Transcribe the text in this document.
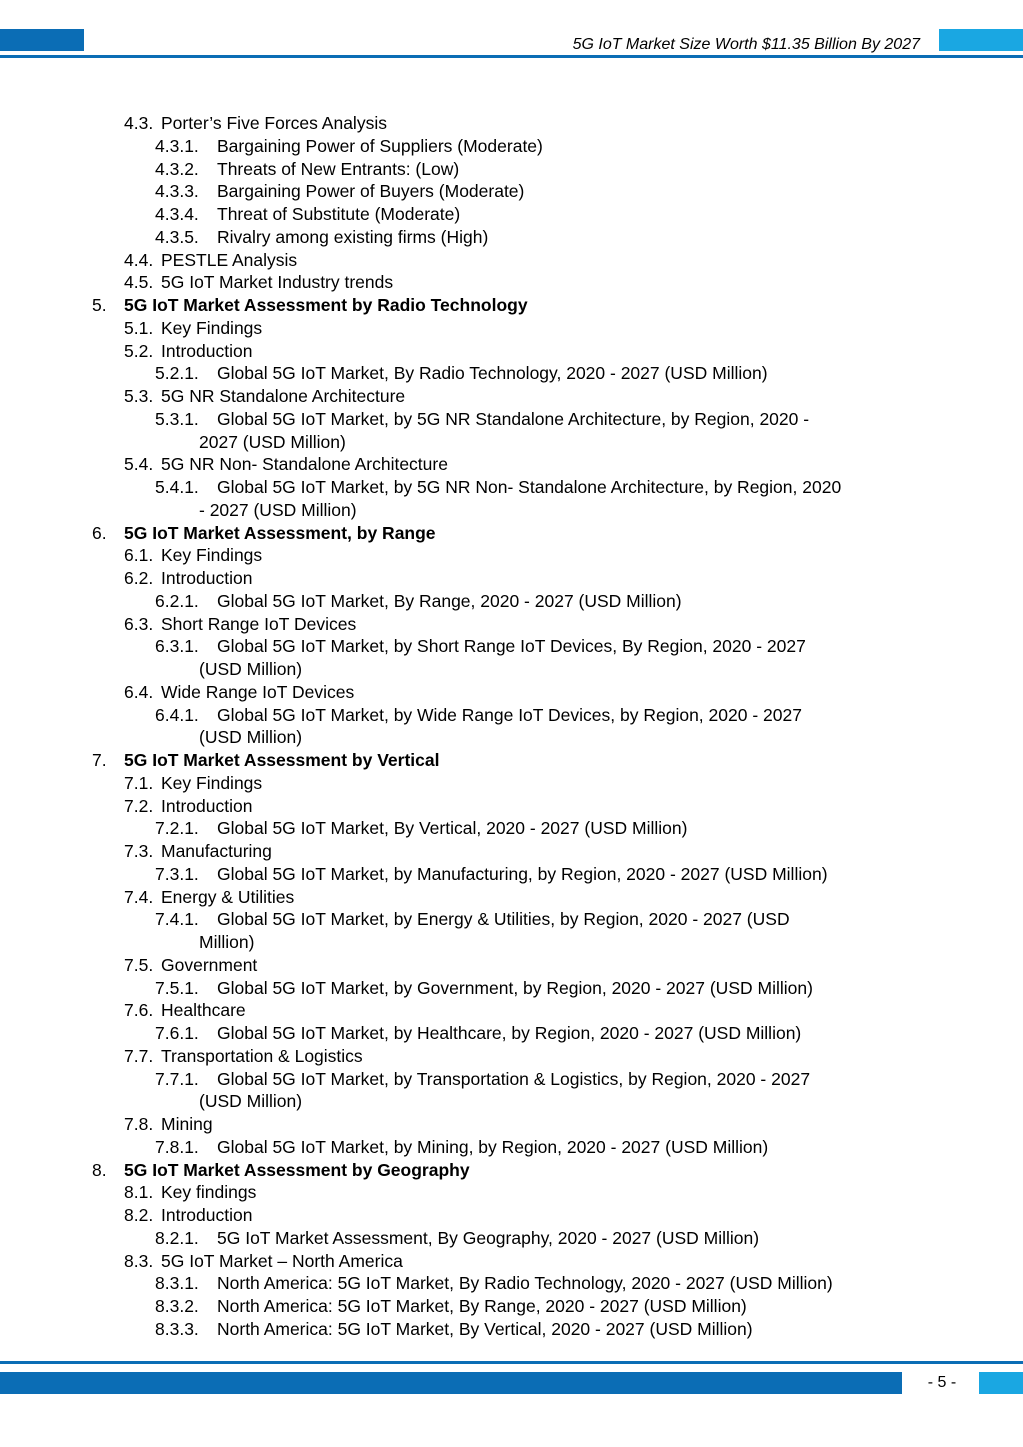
5G IoT Market Size Worth $11.35 Billion By 2027
4.3. Porter’s Five Forces Analysis
4.3.1. Bargaining Power of Suppliers (Moderate)
4.3.2. Threats of New Entrants: (Low)
4.3.3. Bargaining Power of Buyers (Moderate)
4.3.4. Threat of Substitute (Moderate)
4.3.5. Rivalry among existing firms (High)
4.4. PESTLE Analysis
4.5. 5G IoT Market Industry trends
5. 5G IoT Market Assessment by Radio Technology
5.1. Key Findings
5.2. Introduction
5.2.1. Global 5G IoT Market, By Radio Technology, 2020 - 2027 (USD Million)
5.3. 5G NR Standalone Architecture
5.3.1. Global 5G IoT Market, by 5G NR Standalone Architecture, by Region, 2020 -
2027 (USD Million)
5.4. 5G NR Non- Standalone Architecture
5.4.1. Global 5G IoT Market, by 5G NR Non- Standalone Architecture, by Region, 2020
- 2027 (USD Million)
6. 5G IoT Market Assessment, by Range
6.1. Key Findings
6.2. Introduction
6.2.1. Global 5G IoT Market, By Range, 2020 - 2027 (USD Million)
6.3. Short Range IoT Devices
6.3.1. Global 5G IoT Market, by Short Range IoT Devices, By Region, 2020 - 2027
(USD Million)
6.4. Wide Range IoT Devices
6.4.1. Global 5G IoT Market, by Wide Range IoT Devices, by Region, 2020 - 2027
(USD Million)
7. 5G IoT Market Assessment by Vertical
7.1. Key Findings
7.2. Introduction
7.2.1. Global 5G IoT Market, By Vertical, 2020 - 2027 (USD Million)
7.3. Manufacturing
7.3.1. Global 5G IoT Market, by Manufacturing, by Region, 2020 - 2027 (USD Million)
7.4. Energy & Utilities
7.4.1. Global 5G IoT Market, by Energy & Utilities, by Region, 2020 - 2027 (USD
Million)
7.5. Government
7.5.1. Global 5G IoT Market, by Government, by Region, 2020 - 2027 (USD Million)
7.6. Healthcare
7.6.1. Global 5G IoT Market, by Healthcare, by Region, 2020 - 2027 (USD Million)
7.7. Transportation & Logistics
7.7.1. Global 5G IoT Market, by Transportation & Logistics, by Region, 2020 - 2027
(USD Million)
7.8. Mining
7.8.1. Global 5G IoT Market, by Mining, by Region, 2020 - 2027 (USD Million)
8. 5G IoT Market Assessment by Geography
8.1. Key findings
8.2. Introduction
8.2.1. 5G IoT Market Assessment, By Geography, 2020 - 2027 (USD Million)
8.3. 5G IoT Market – North America
8.3.1. North America: 5G IoT Market, By Radio Technology, 2020 - 2027 (USD Million)
8.3.2. North America: 5G IoT Market, By Range, 2020 - 2027 (USD Million)
8.3.3. North America: 5G IoT Market, By Vertical, 2020 - 2027 (USD Million)
- 5 -
